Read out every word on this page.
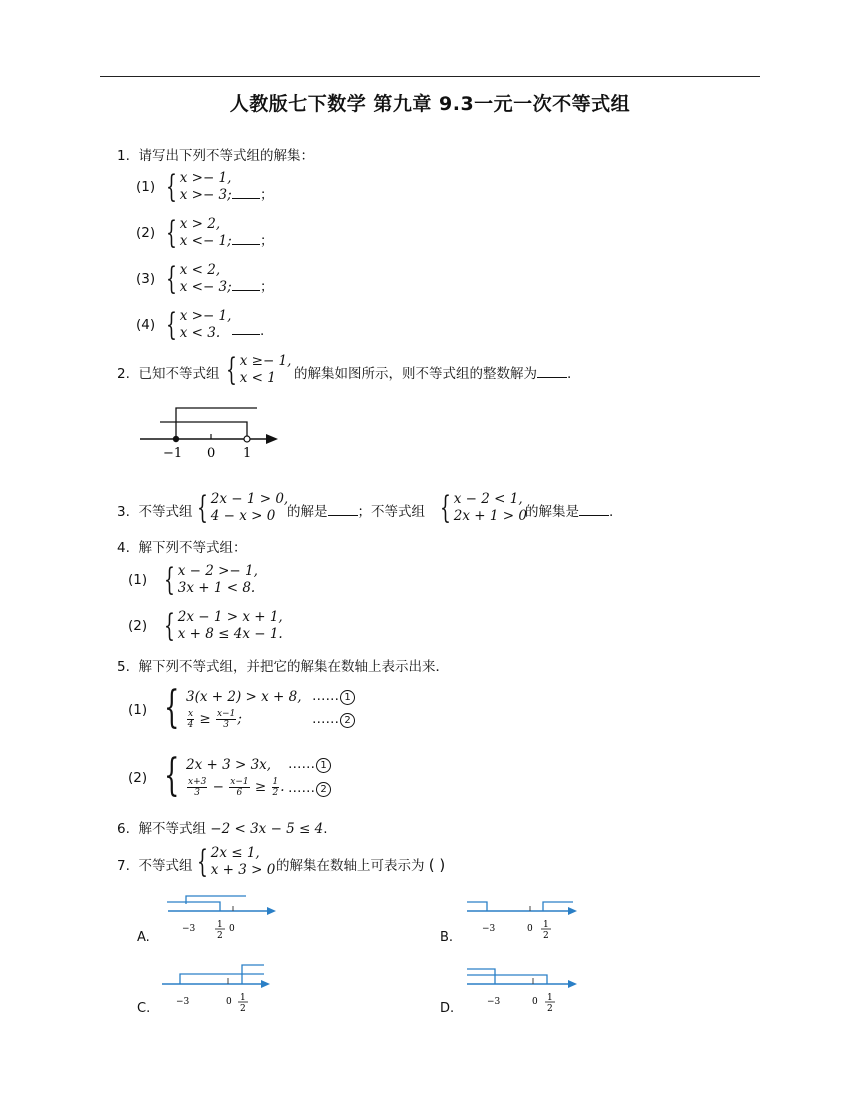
人教版七下数学 第九章 9.3一元一次不等式组
1. 请写出下列不等式组的解集：
(1) { x >− 1,
x >− 3;	；
(2) { x > 2,
x <− 1;	；
(3) { x < 2,
x <− 3;	；
(4) { x >− 1,
x < 3.	.
2. 已知不等式组 { x ≥− 1,
x < 1	的解集如图所示，则不等式组的整数解为 .
−1 0 1
3. 不等式组 { 2x − 1 > 0,
4 − x > 0 的解是 ；不等式组 { x − 2 < 1,
2x + 1 > 0
的解集是 .
4. 解下列不等式组：
(1) { x − 2 >− 1,
3x + 1 < 8.
(2) { 2x − 1 > x + 1,
x + 8 ≤ 4x − 1.
5. 解下列不等式组，并把它的解集在数轴上表示出来．
(1) { 3(x + 2) > x + 8,
$\frac{x}{4} \ge \frac{x-1}{3}$ ;
…… 1
…… 2
(2) { 2x + 3 > 3x,
$\frac{x+3}{3} - \frac{x-1}{6} \ge \frac{1}{2}$ .
…… 1
…… 2
6. 解不等式组 −2 < 3x − 5 ≤ 4.
7. 不等式组 { 2x ≤ 1,
x + 3 > 0 的解集在数轴上可表示为 ( )
A.
−3	0
1
2	B.
−3	0 1
2
C.	−3	0 1
2	D.	−3	0 1
2
